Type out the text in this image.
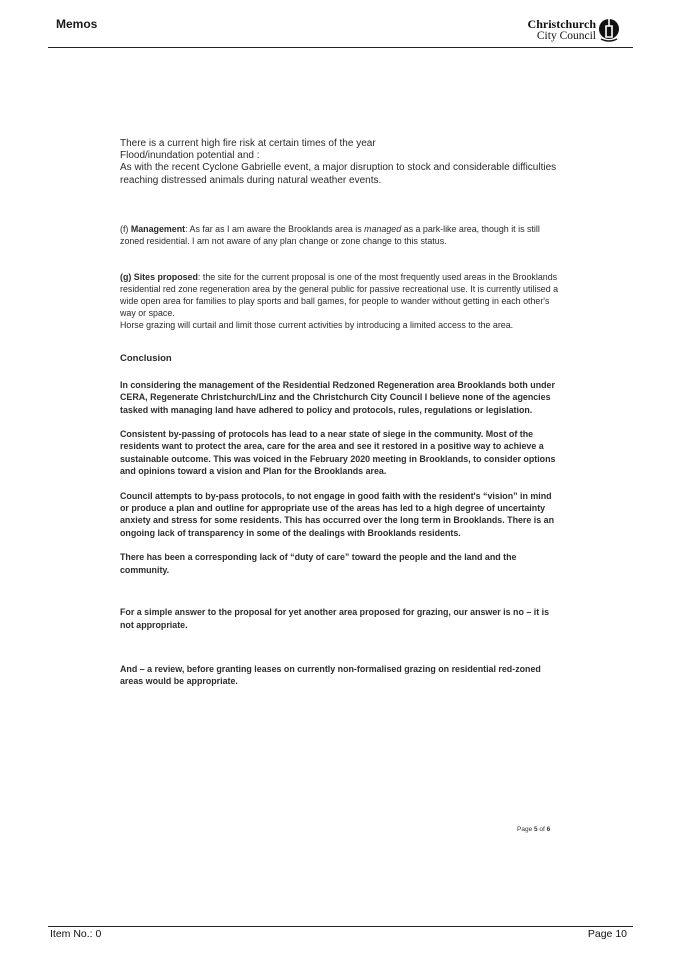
Memos	Christchurch
City Council

There is a current high fire risk at certain times of the year

Flood/inundation potential and :

As with the recent Cyclone Gabrielle event, a major disruption to stock and considerable difficulties reaching distressed animals during natural weather events.

(f) Management: As far as I am aware the Brooklands area is managed as a park-like area, though it is still zoned residential. I am not aware of any plan change or zone change to this status.

(g) Sites proposed: the site for the current proposal is one of the most frequently used areas in the Brooklands residential red zone regeneration area by the general public for passive recreational use. It is currently utilised a wide open area for families to play sports and ball games, for people to wander without getting in each other's way or space.
Horse grazing will curtail and limit those current activities by introducing a limited access to the area.

Conclusion

In considering the management of the Residential Redzoned Regeneration area Brooklands both under CERA, Regenerate Christchurch/Linz and the Christchurch City Council I believe none of the agencies tasked with managing land have adhered to policy and protocols, rules, regulations or legislation.

Consistent by-passing of protocols has lead to a near state of siege in the community. Most of the residents want to protect the area, care for the area and see it restored in a positive way to achieve a sustainable outcome. This was voiced in the February 2020 meeting in Brooklands, to consider options and opinions toward a vision and Plan for the Brooklands area.

Council attempts to by-pass protocols, to not engage in good faith with the resident's “vision” in mind or produce a plan and outline for appropriate use of the areas has led to a high degree of uncertainty anxiety and stress for some residents. This has occurred over the long term in Brooklands. There is an ongoing lack of transparency in some of the dealings with Brooklands residents.

There has been a corresponding lack of “duty of care” toward the people and the land and the community.

For a simple answer to the proposal for yet another area proposed for grazing, our answer is no – it is not appropriate.

And – a review, before granting leases on currently non-formalised grazing on residential red-zoned areas would be appropriate.

Page 5 of 6
Item No.: 0	Page 10
